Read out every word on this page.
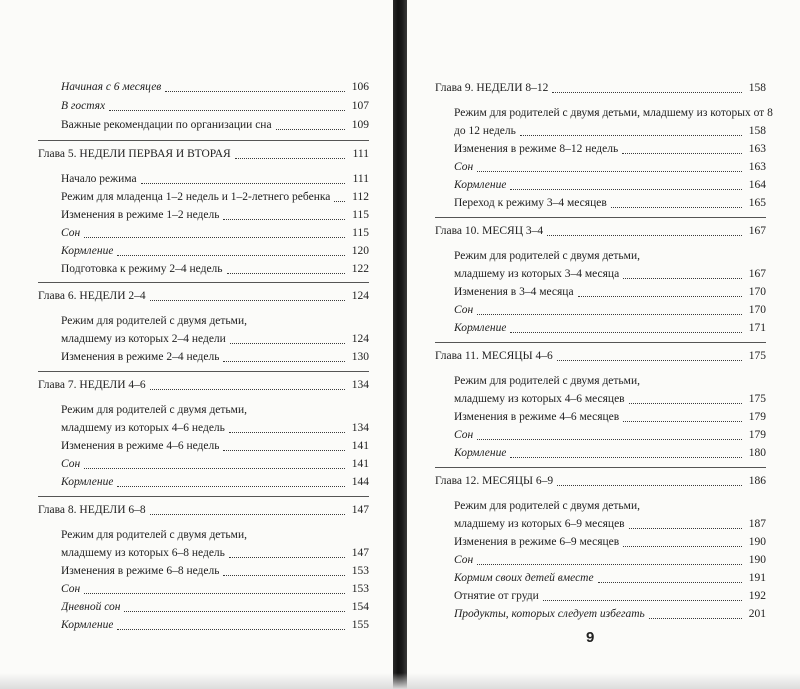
Начиная с 6 месяцев	106
В гостях	107
Важные рекомендации по организации сна	109
Глава 5. НЕДЕЛИ ПЕРВАЯ И ВТОРАЯ	111
Начало режима	111
Режим для младенца 1–2 недель и 1–2-летнего ребенка 112
Изменения в режиме 1–2 недель	115
Сон	115
Кормление	120
Подготовка к режиму 2–4 недель	122
Глава 6. НЕДЕЛИ 2–4	124
Режим для родителей с двумя детьми,
младшему из которых 2–4 недели	124
Изменения в режиме 2–4 недель	130
Глава 7. НЕДЕЛИ 4–6	134
Режим для родителей с двумя детьми,
младшему из которых 4–6 недель	134
Изменения в режиме 4–6 недель	141
Сон	141
Кормление	144
Глава 8. НЕДЕЛИ 6–8	147
Режим для родителей с двумя детьми,
младшему из которых 6–8 недель	147
Изменения в режиме 6–8 недель	153
Сон	153
Дневной сон	154
Кормление	155
Глава 9. НЕДЕЛИ 8–12	158
Режим для родителей с двумя детьми, младшему из которых от 8
до 12 недель	158
Изменения в режиме 8–12 недель	163
Сон	163
Кормление	164
Переход к режиму 3–4 месяцев	165
Глава 10. МЕСЯЦ 3–4	167
Режим для родителей с двумя детьми,
младшему из которых 3–4 месяца	167
Изменения в 3–4 месяца	170
Сон	170
Кормление	171
Глава 11. МЕСЯЦЫ 4–6	175
Режим для родителей с двумя детьми,
младшему из которых 4–6 месяцев	175
Изменения в режиме 4–6 месяцев	179
Сон	179
Кормление	180
Глава 12. МЕСЯЦЫ 6–9	186
Режим для родителей с двумя детьми,
младшему из которых 6–9 месяцев	187
Изменения в режиме 6–9 месяцев	190
Сон	190
Кормим своих детей вместе	191
Отнятие от груди	192
Продукты, которых следует избегать	201
9
